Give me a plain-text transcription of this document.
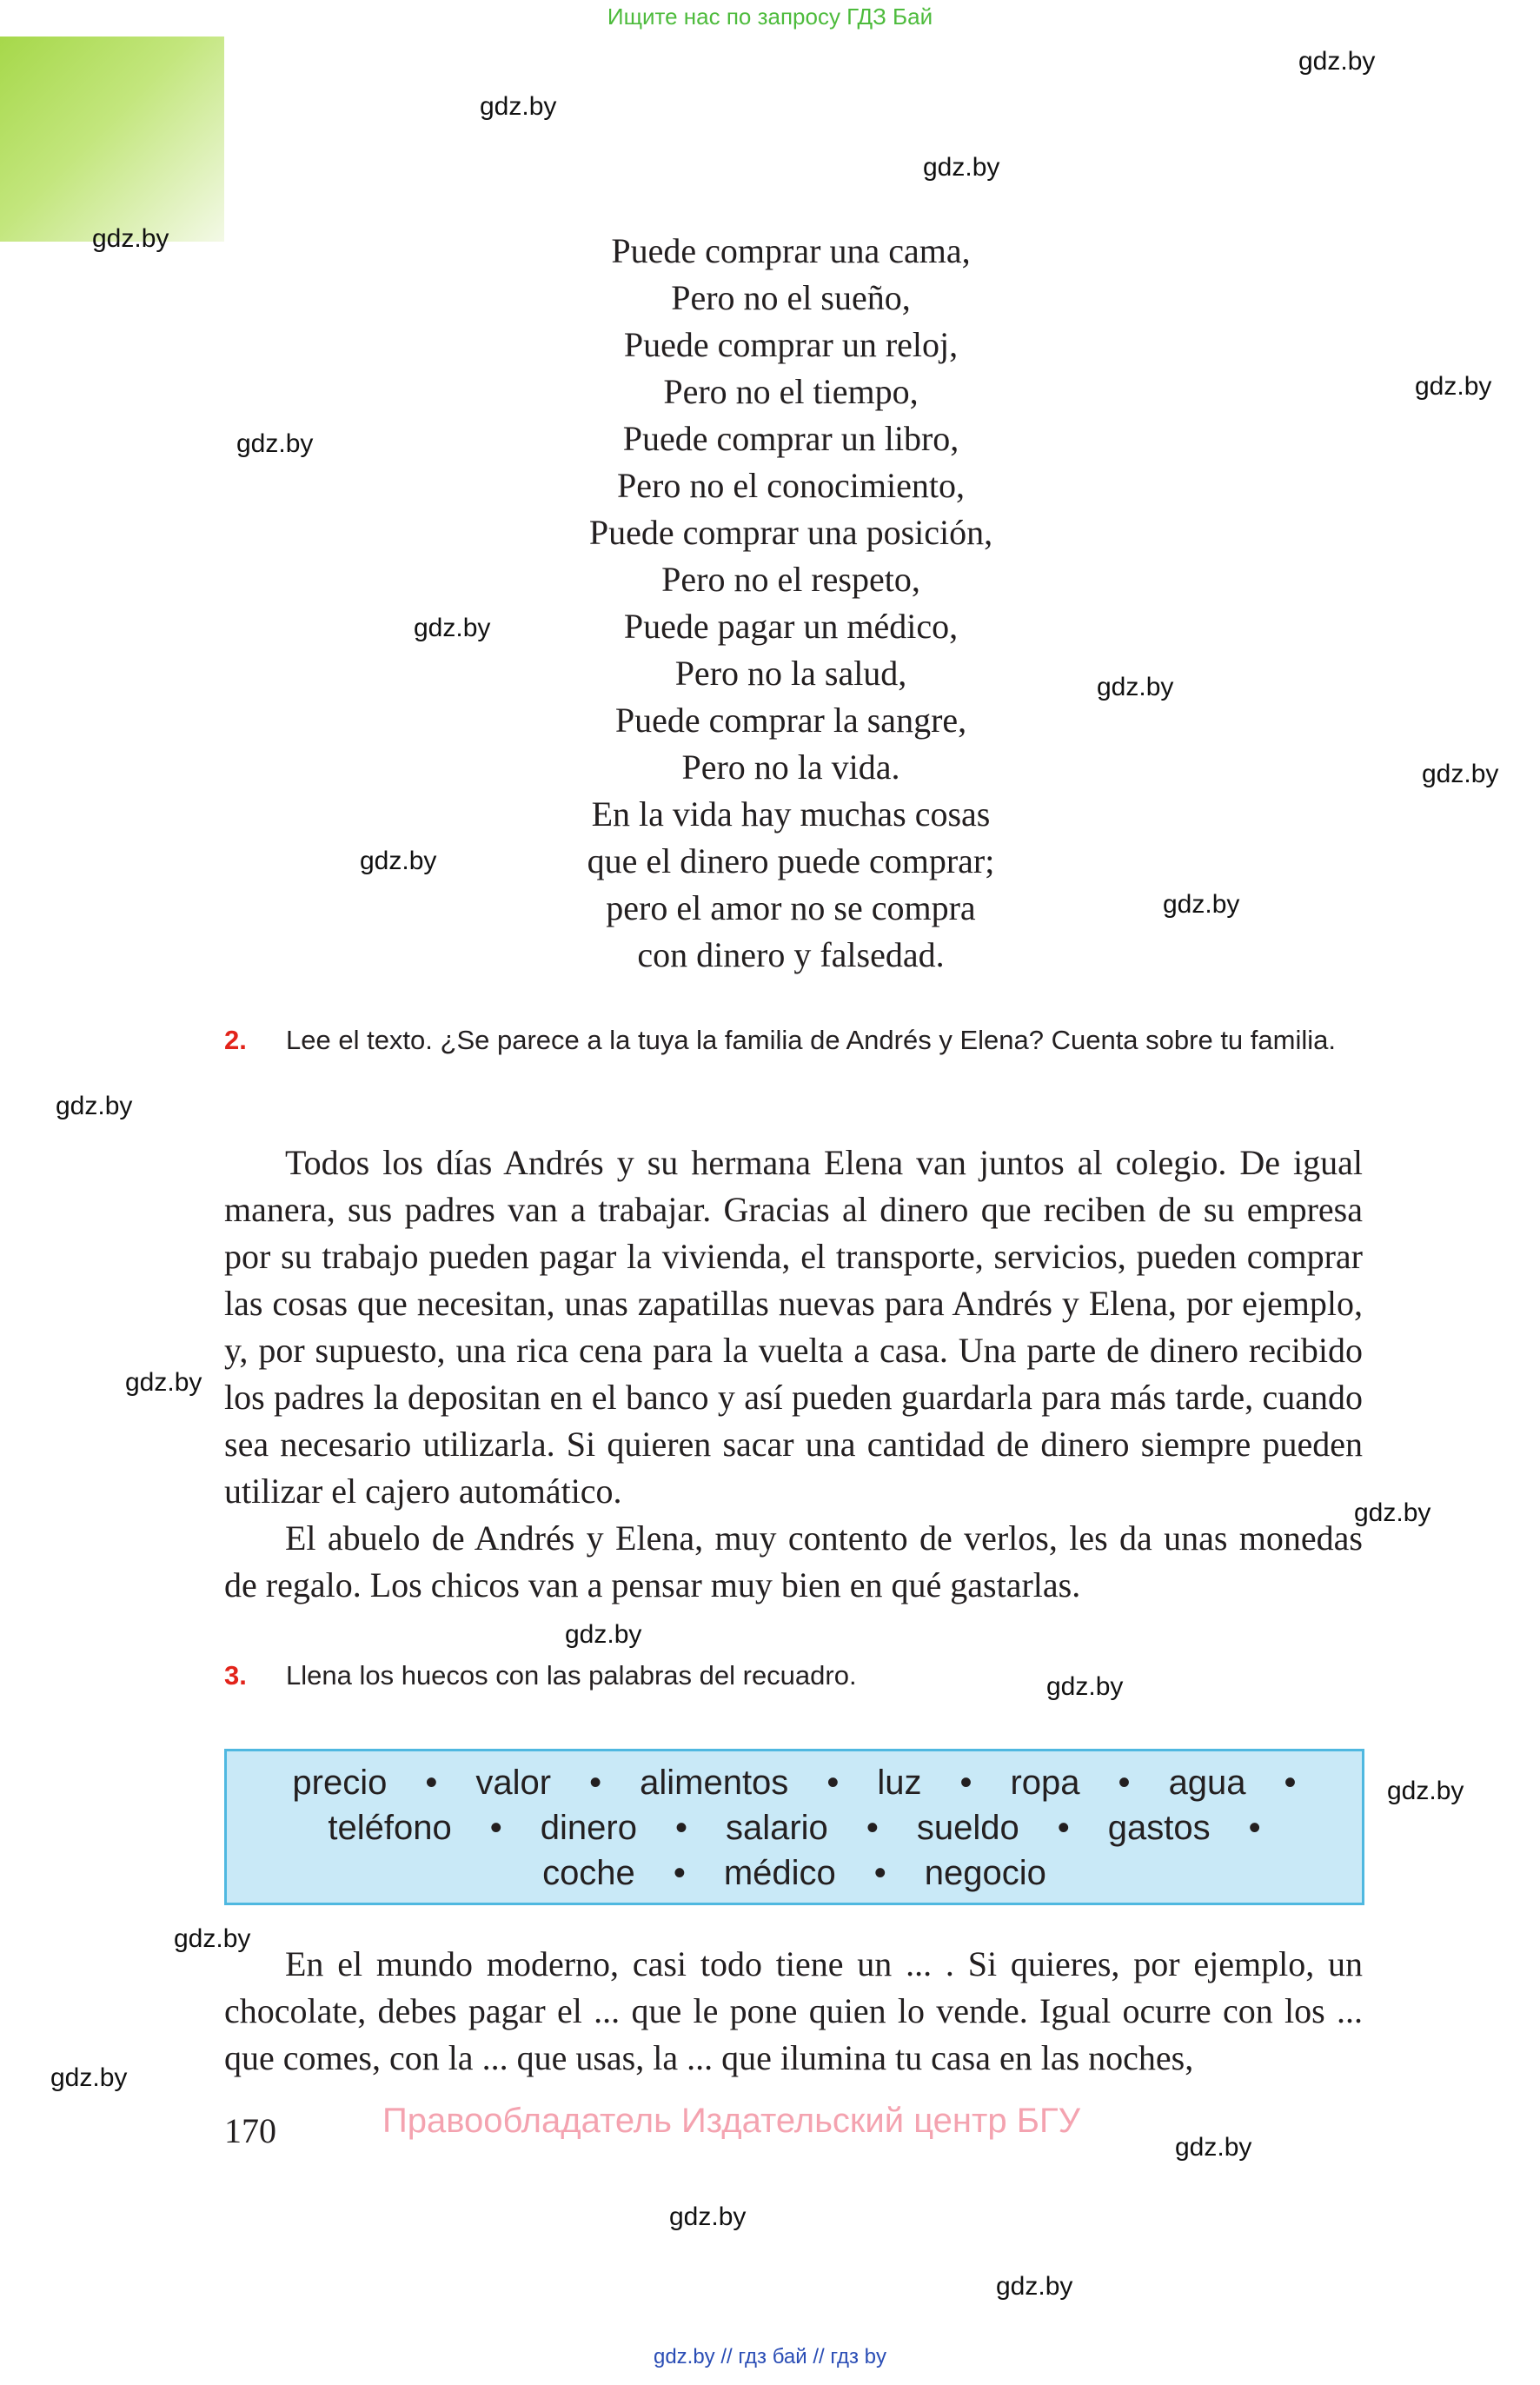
Ищите нас по запросу ГДЗ Бай
gdz.by
gdz.by
gdz.by
gdz.by
gdz.by
gdz.by
gdz.by
gdz.by
gdz.by
gdz.by
gdz.by
gdz.by
gdz.by
gdz.by
gdz.by
gdz.by
gdz.by
gdz.by
gdz.by
gdz.by
gdz.by
gdz.by
Puede comprar una cama,
Pero no el sueño,
Puede comprar un reloj,
Pero no el tiempo,
Puede comprar un libro,
Pero no el conocimiento,
Puede comprar una posición,
Pero no el respeto,
Puede pagar un médico,
Pero no la salud,
Puede comprar la sangre,
Pero no la vida.
En la vida hay muchas cosas
que el dinero puede comprar;
pero el amor no se compra
con dinero y falsedad.
2. Lee el texto. ¿Se parece a la tuya la familia de Andrés y Elena? Cuenta sobre tu familia.

Todos los días Andrés y su hermana Elena van juntos al colegio. De igual manera, sus padres van a trabajar. Gracias al dinero que reciben de su empresa por su trabajo pueden pagar la vivienda, el transporte, servicios, pueden comprar las cosas que necesitan, unas zapatillas nuevas para Andrés y Elena, por ejemplo, y, por supuesto, una rica cena para la vuelta a casa. Una parte de dinero recibido los padres la depositan en el banco y así pueden guardarla para más tarde, cuando sea necesario utilizarla. Si quieren sacar una cantidad de dinero siempre pueden utilizar el cajero automático.

El abuelo de Andrés y Elena, muy contento de verlos, les da unas monedas de regalo. Los chicos van a pensar muy bien en qué gastarlas.

3. Llena los huecos con las palabras del recuadro.
precio	•	valor	•	alimentos	•	luz	•	ropa	•	agua	•
teléfono	•	dinero	•	salario	•	sueldo	•	gastos	•
coche	•	médico	•	negocio

En el mundo moderno, casi todo tiene un ... . Si quieres, por ejemplo, un chocolate, debes pagar el ... que le pone quien lo vende. Igual ocurre con los ... que comes, con la ... que usas, la ... que ilumina tu casa en las noches,

170	Правообладатель Издательский центр БГУ
gdz.by // гдз бай // гдз by
